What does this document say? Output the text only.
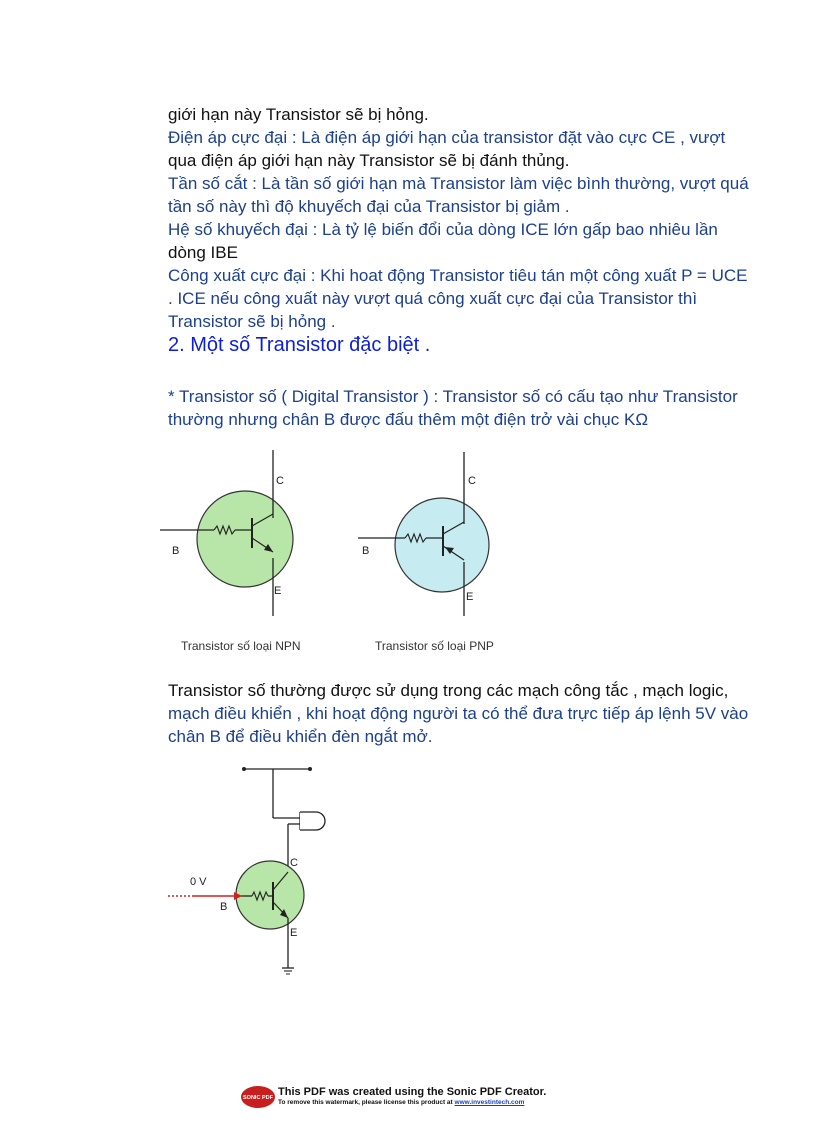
giới hạn này Transistor sẽ bị hỏng.
Điện áp cực đại : Là điện áp giới hạn của transistor đặt vào cực CE , vượt
qua điện áp giới hạn này Transistor sẽ bị đánh thủng.
Tần số cắt : Là tần số giới hạn mà Transistor làm việc bình thường, vượt quá
tần số này thì độ khuyếch đại của Transistor bị giảm .
Hệ số khuyếch đại : Là tỷ lệ biến đổi của dòng ICE lớn gấp bao nhiêu lần
dòng IBE
Công xuất cực đại : Khi hoat động Transistor tiêu tán một công xuất P = UCE
. ICE nếu công xuất này vượt quá công xuất cực đại của Transistor thì
Transistor sẽ bị hỏng .
2. Một số Transistor đặc biệt .
* Transistor số ( Digital Transistor ) : Transistor số có cấu tạo như Transistor
thường nhưng chân B được đấu thêm một điện trở vài chục KΩ
C
B
E
C
B
E
Transistor số loại NPN	Transistor số loại PNP
Transistor số thường được sử dụng trong các mạch công tắc , mạch logic,
mạch điều khiển , khi hoạt động người ta có thể đưa trực tiếp áp lệnh 5V vào
chân B để điều khiển đèn ngắt mở.
0 V
B
C
E
SONIC PDF This PDF was created using the Sonic PDF Creator.
To remove this watermark, please license this product at www.investintech.com
